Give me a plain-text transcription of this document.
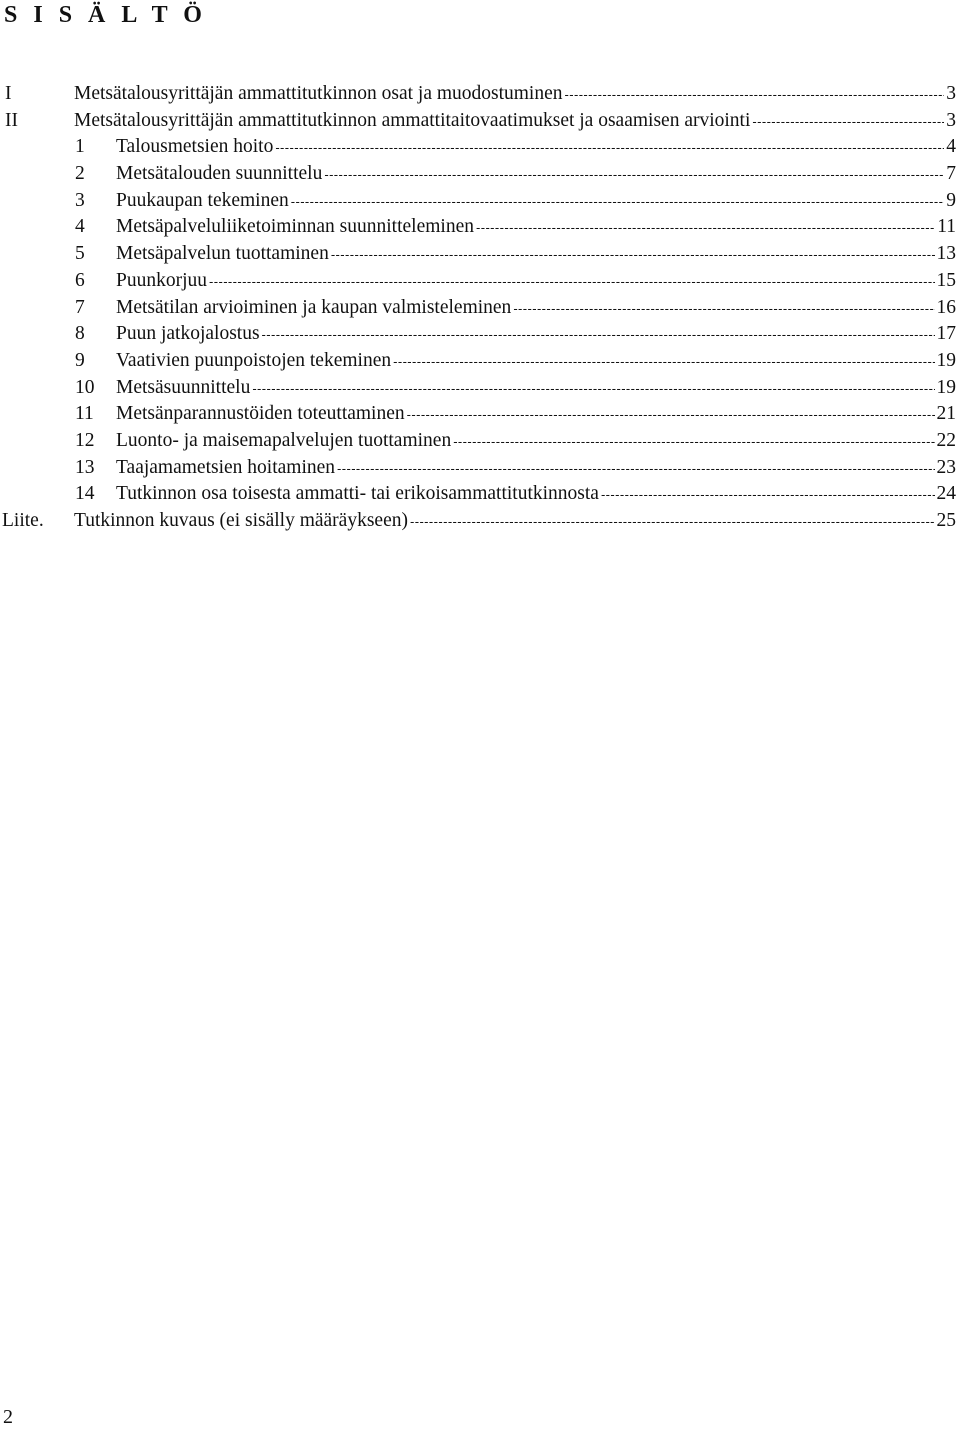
S I S Ä L T Ö
I	Metsätalousyrittäjän ammattitutkinnon osat ja muodostuminen -----	3
II	Metsätalousyrittäjän ammattitutkinnon ammattitaitovaatimukset ja osaamisen arviointi -----	3
1 Talousmetsien hoito -----	4
2 Metsätalouden suunnittelu -----	7
3 Puukaupan tekeminen -----	9
4 Metsäpalveluliiketoiminnan suunnitteleminen -----	11
5 Metsäpalvelun tuottaminen -----	13
6 Puunkorjuu -----	15
7 Metsätilan arvioiminen ja kaupan valmisteleminen -----	16
8 Puun jatkojalostus -----	17
9 Vaativien puunpoistojen tekeminen -----	19
10 Metsäsuunnittelu -----	19
11 Metsänparannustöiden toteuttaminen -----	21
12 Luonto- ja maisemapalvelujen tuottaminen -----	22
13 Taajamametsien hoitaminen -----	23
14 Tutkinnon osa toisesta ammatti- tai erikoisammattitutkinnosta -----	24
Liite. Tutkinnon kuvaus (ei sisälly määräykseen) -----	25
2
